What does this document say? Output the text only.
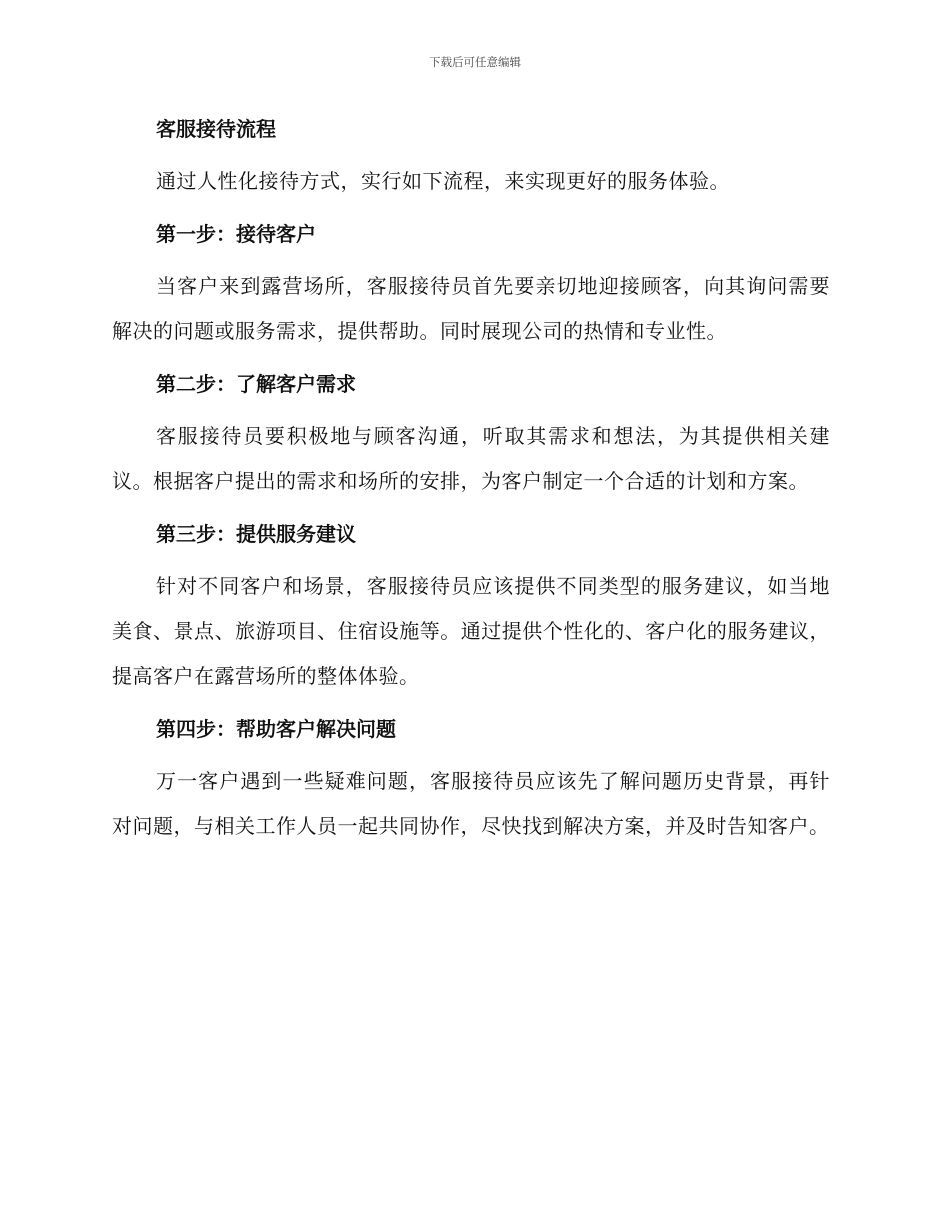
下载后可任意编辑
客服接待流程

通过人性化接待方式，实行如下流程，来实现更好的服务体验。

第一步：接待客户

当客户来到露营场所，客服接待员首先要亲切地迎接顾客，向其询问需要解决的问题或服务需求，提供帮助。同时展现公司的热情和专业性。

第二步：了解客户需求

客服接待员要积极地与顾客沟通，听取其需求和想法，为其提供相关建议。根据客户提出的需求和场所的安排，为客户制定一个合适的计划和方案。

第三步：提供服务建议

针对不同客户和场景，客服接待员应该提供不同类型的服务建议，如当地美食、景点、旅游项目、住宿设施等。通过提供个性化的、客户化的服务建议，提高客户在露营场所的整体体验。

第四步：帮助客户解决问题

万一客户遇到一些疑难问题，客服接待员应该先了解问题历史背景，再针对问题，与相关工作人员一起共同协作，尽快找到解决方案，并及时告知客户。
